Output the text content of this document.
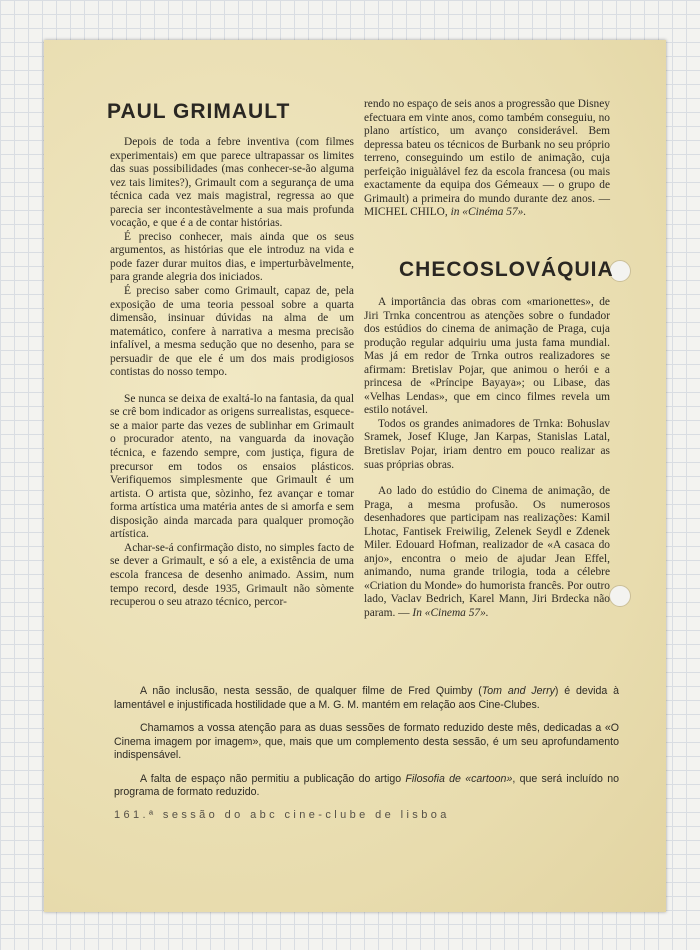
PAUL GRIMAULT

Depois de toda a febre inventiva (com filmes experimentais) em que parece ultrapassar os limites das suas possibilidades (mas conhecer-se-ão alguma vez tais limites?), Grimault com a segurança de uma técnica cada vez mais magistral, regressa ao que parecia ser incontestàvelmente a sua mais profunda vocação, e que é a de contar histórias.

É preciso conhecer, mais ainda que os seus argumentos, as histórias que ele introduz na vida e pode fazer durar muitos dias, e imperturbàvelmente, para grande alegria dos iniciados.

É preciso saber como Grimault, capaz de, pela exposição de uma teoria pessoal sobre a quarta dimensão, insinuar dúvidas na alma de um matemático, confere à narrativa a mesma precisão infalível, a mesma sedução que no desenho, para se persuadir de que ele é um dos mais prodigiosos contistas do nosso tempo.

Se nunca se deixa de exaltá-lo na fantasia, da qual se crê bom indicador as origens surrealistas, esquece-se a maior parte das vezes de sublinhar em Grimault o procurador atento, na vanguarda da inovação técnica, e fazendo sempre, com justiça, figura de precursor em todos os ensaios plásticos. Verifiquemos simplesmente que Grimault é um artista. O artista que, sòzinho, fez avançar e tomar forma artística uma matéria antes de si amorfa e sem disposição ainda marcada para qualquer promoção artística.

Achar-se-á confirmação disto, no simples facto de se dever a Grimault, e só a ele, a existência de uma escola francesa de desenho animado. Assim, num tempo record, desde 1935, Grimault não sòmente recuperou o seu atrazo técnico, percor-

rendo no espaço de seis anos a progressão que Disney efectuara em vinte anos, como também conseguiu, no plano artístico, um avanço considerável. Bem depressa bateu os técnicos de Burbank no seu próprio terreno, conseguindo um estilo de animação, cuja perfeição iniguàlável fez da escola francesa (ou mais exactamente da equipa dos Gémeaux — o grupo de Grimault) a primeira do mundo durante dez anos. — MICHEL CHILO, in «Cinéma 57».

CHECOSLOVÁQUIA

A importância das obras com «marionettes», de Jiri Trnka concentrou as atenções sobre o fundador dos estúdios do cinema de animação de Praga, cuja produção regular adquiriu uma justa fama mundial. Mas já em redor de Trnka outros realizadores se afirmam: Bretislav Pojar, que animou o herói e a princesa de «Príncipe Bayaya»; ou Libase, das «Velhas Lendas», que em cinco filmes revela um estilo notável.

Todos os grandes animadores de Trnka: Bohuslav Sramek, Josef Kluge, Jan Karpas, Stanislas Latal, Bretislav Pojar, iriam dentro em pouco realizar as suas próprias obras.

Ao lado do estúdio do Cinema de animação, de Praga, a mesma profusão. Os numerosos desenhadores que participam nas realizações: Kamil Lhotac, Fantisek Freiwilig, Zelenek Seydl e Zdenek Miler. Edouard Hofman, realizador de «A casaca do anjo», encontra o meio de ajudar Jean Effel, animando, numa grande trilogia, toda a célebre «Criation du Monde» do humorista francês. Por outro lado, Vaclav Bedrich, Karel Mann, Jiri Brdecka não param. — In «Cinema 57».

A não inclusão, nesta sessão, de qualquer filme de Fred Quimby (Tom and Jerry) é devida à lamentável e injustificada hostilidade que a M. G. M. mantém em relação aos Cine-Clubes.

Chamamos a vossa atenção para as duas sessões de formato reduzido deste mês, dedicadas a «O Cinema imagem por imagem», que, mais que um complemento desta sessão, é um seu aprofundamento indispensável.

A falta de espaço não permitiu a publicação do artigo Filosofia de «cartoon», que será incluído no programa de formato reduzido.

161.ª sessão do abc cine-clube de lisboa
